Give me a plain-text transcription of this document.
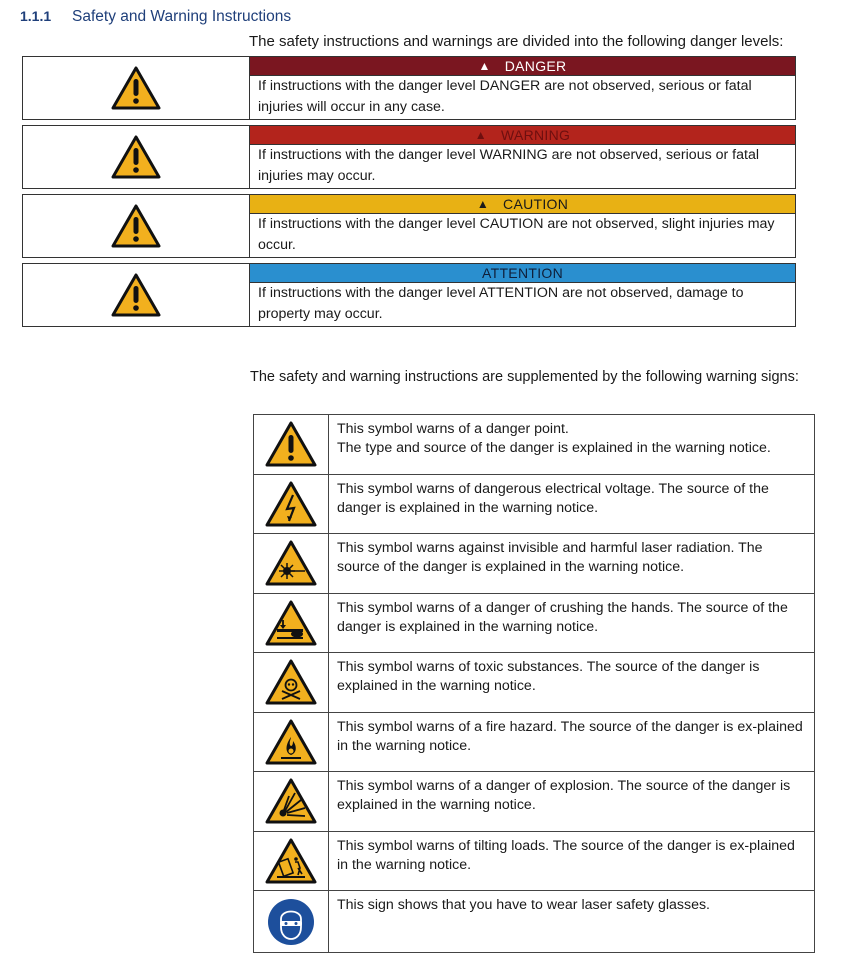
1.1.1	Safety and Warning Instructions
The safety instructions and warnings are divided into the following danger levels:
▲ DANGER
If instructions with the danger level DANGER are not observed, serious or fatal injuries will occur in any case.
▲ WARNING
If instructions with the danger level WARNING are not observed, serious or fatal injuries may occur.
▲ CAUTION
If instructions with the danger level CAUTION are not observed, slight injuries may occur.
ATTENTION
If instructions with the danger level ATTENTION are not observed, damage to property may occur.
The safety and warning instructions are supplemented by the following warning signs:

This symbol warns of a danger point.
The type and source of the danger is explained in the warning notice.

This symbol warns of dangerous electrical voltage. The source of the danger is explained in the warning notice.

This symbol warns against invisible and harmful laser radiation. The source of the danger is explained in the warning notice.

This symbol warns of a danger of crushing the hands. The source of the danger is explained in the warning notice.

This symbol warns of toxic substances. The source of the danger is explained in the warning notice.

This symbol warns of a fire hazard. The source of the danger is ex-plained in the warning notice.

This symbol warns of a danger of explosion. The source of the danger is explained in the warning notice.

This symbol warns of tilting loads. The source of the danger is ex-plained in the warning notice.

This sign shows that you have to wear laser safety glasses.
